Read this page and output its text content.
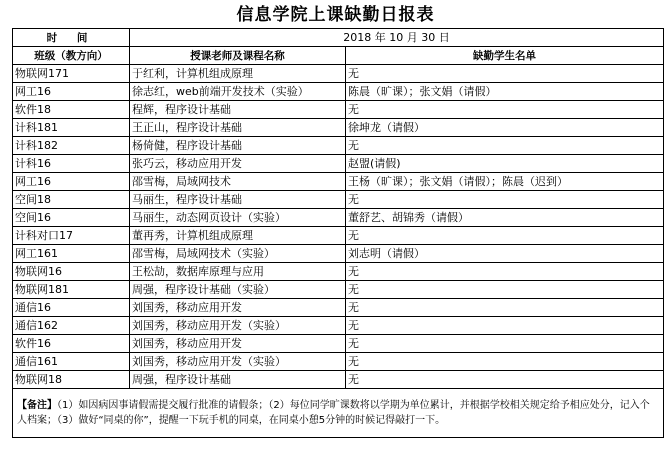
信息学院上课缺勤日报表
时 间	2018 年 10 月 30 日	
班级（教方向）	授课老师及课程名称	缺勤学生名单
物联网171	于红利，计算机组成原理	无
网工16	徐志红，web前端开发技术（实验）	陈晨（旷课）；张文娟（请假）
软件18	程辉，程序设计基础	无
计科181	王正山，程序设计基础	徐坤龙（请假）
计科182	杨倚健，程序设计基础	无
计科16	张巧云，移动应用开发	赵盟(请假)
网工16	邵雪梅，局域网技术	王杨（旷课）；张文娟（请假）；陈晨（迟到）
空间18	马丽生，程序设计基础	无
空间16	马丽生，动态网页设计（实验）	董舒艺、胡锦秀（请假）
计科对口17	董再秀，计算机组成原理	无
网工161	邵雪梅，局域网技术（实验）	刘志明（请假）
物联网16	王松劼，数据库原理与应用	无
物联网181	周强，程序设计基础（实验）	无
通信16	刘国秀，移动应用开发	无
通信162	刘国秀，移动应用开发（实验）	无
软件16	刘国秀，移动应用开发	无
通信161	刘国秀，移动应用开发（实验）	无
物联网18	周强，程序设计基础	无
【备注】（1）如因病因事请假需提交履行批准的请假条；（2）每位同学旷课数将以学期为单位累计，并根据学校相关规定给予相应处分，记入个人档案；（3）做好“同桌的你”，提醒一下玩手机的同桌，在同桌小憩5分钟的时候记得敲打一下。		
